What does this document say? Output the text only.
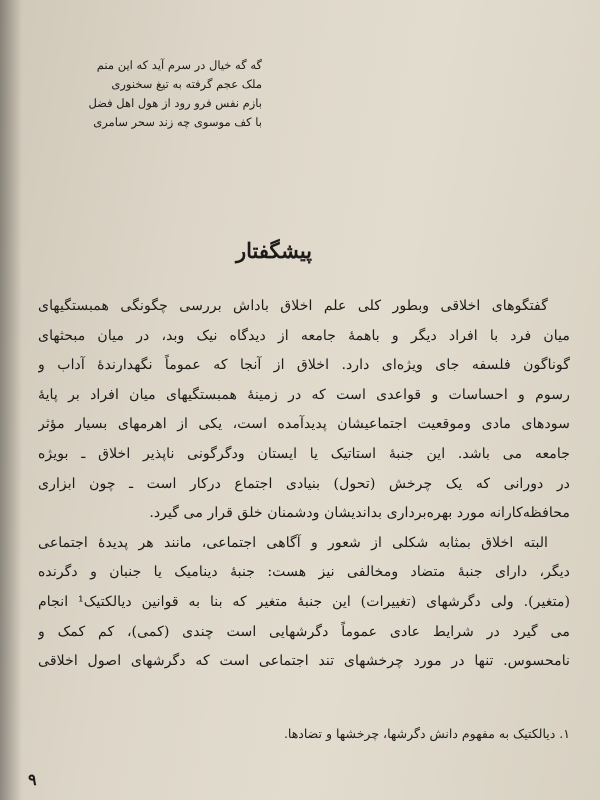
گه گه خیال در سرم آید که این منم
ملک عجم گرفته به تیغ سخنوری
بازم نفس فرو رود از هول اهل فضل
با کف موسوی چه زند سحر سامری
پیشگفتار
گفتگوهای اخلاقی وبطور کلی علم اخلاق باداش بررسی چگونگی همبستگیهای
میان فرد با افراد دیگر و باهمهٔ جامعه از دیدگاه نیک وبد، در میان مبحثهای
گوناگون فلسفه جای ویژه‌ای دارد. اخلاق از آنجا که عموماً نگهدارندهٔ آداب و
رسوم و احساسات و قواعدی است که در زمینهٔ همبستگیهای میان افراد بر پایهٔ
سودهای مادی وموقعیت اجتماعیشان پدیدآمده است، یکی از اهرمهای بسیار مؤثر
جامعه می باشد. این جنبهٔ استاتیک یا ایستان ودگرگونی ناپذیر اخلاق ـ بویژه
در دورانی که یک چرخش (تحول) بنیادی اجتماع درکار است ـ چون ابزاری
محافظه‌کارانه مورد بهره‌برداری بداندیشان ودشمنان خلق قرار می گیرد.
البته اخلاق بمثابه شکلی از شعور و آگاهی اجتماعی، مانند هر پدیدهٔ اجتماعی
دیگر، دارای جنبهٔ متضاد ومخالفی نیز هست: جنبهٔ دینامیک یا جنبان و دگرنده
(متغیر). ولی دگرشهای (تغییرات) این جنبهٔ متغیر که بنا به قوانین دیالکتیک¹ انجام
می گیرد در شرایط عادی عموماً دگرشهایی است چندی (کمی)، کم کمک و
نامحسوس. تنها در مورد چرخشهای تند اجتماعی است که دگرشهای اصول اخلاقی
۱. دیالکتیک به مفهوم دانش دگرشها، چرخشها و تضادها.
۹
